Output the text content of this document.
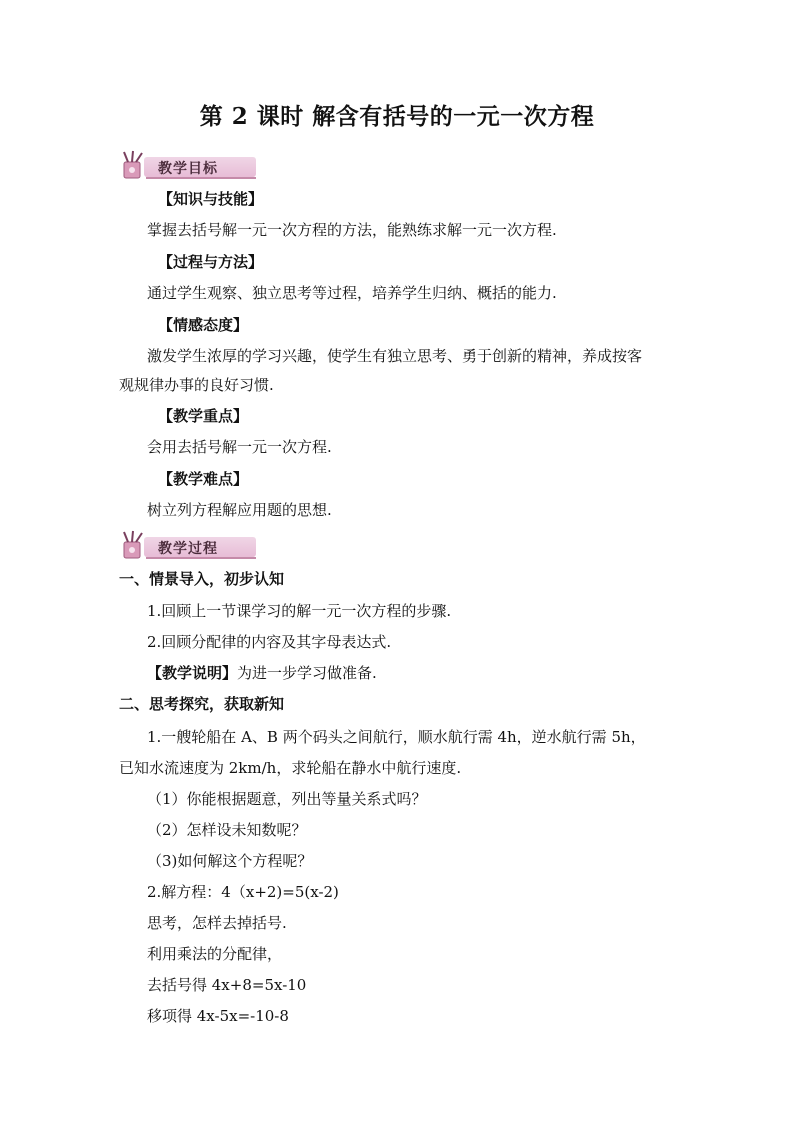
第 2 课时 解含有括号的一元一次方程
教学目标
【知识与技能】
掌握去括号解一元一次方程的方法，能熟练求解一元一次方程.
【过程与方法】
通过学生观察、独立思考等过程，培养学生归纳、概括的能力.
【情感态度】
激发学生浓厚的学习兴趣，使学生有独立思考、勇于创新的精神，养成按客
观规律办事的良好习惯.
【教学重点】
会用去括号解一元一次方程.
【教学难点】
树立列方程解应用题的思想.
教学过程
一、情景导入，初步认知
1.回顾上一节课学习的解一元一次方程的步骤.
2.回顾分配律的内容及其字母表达式.
【教学说明】为进一步学习做准备.
二、思考探究，获取新知
1.一艘轮船在 A、B 两个码头之间航行，顺水航行需 4h，逆水航行需 5h，
已知水流速度为 2km/h，求轮船在静水中航行速度.
（1）你能根据题意，列出等量关系式吗？
（2）怎样设未知数呢？
（3)如何解这个方程呢？
2.解方程：4（x+2)=5(x-2)
思考，怎样去掉括号.
利用乘法的分配律，
去括号得 4x+8=5x-10
移项得 4x-5x=-10-8
